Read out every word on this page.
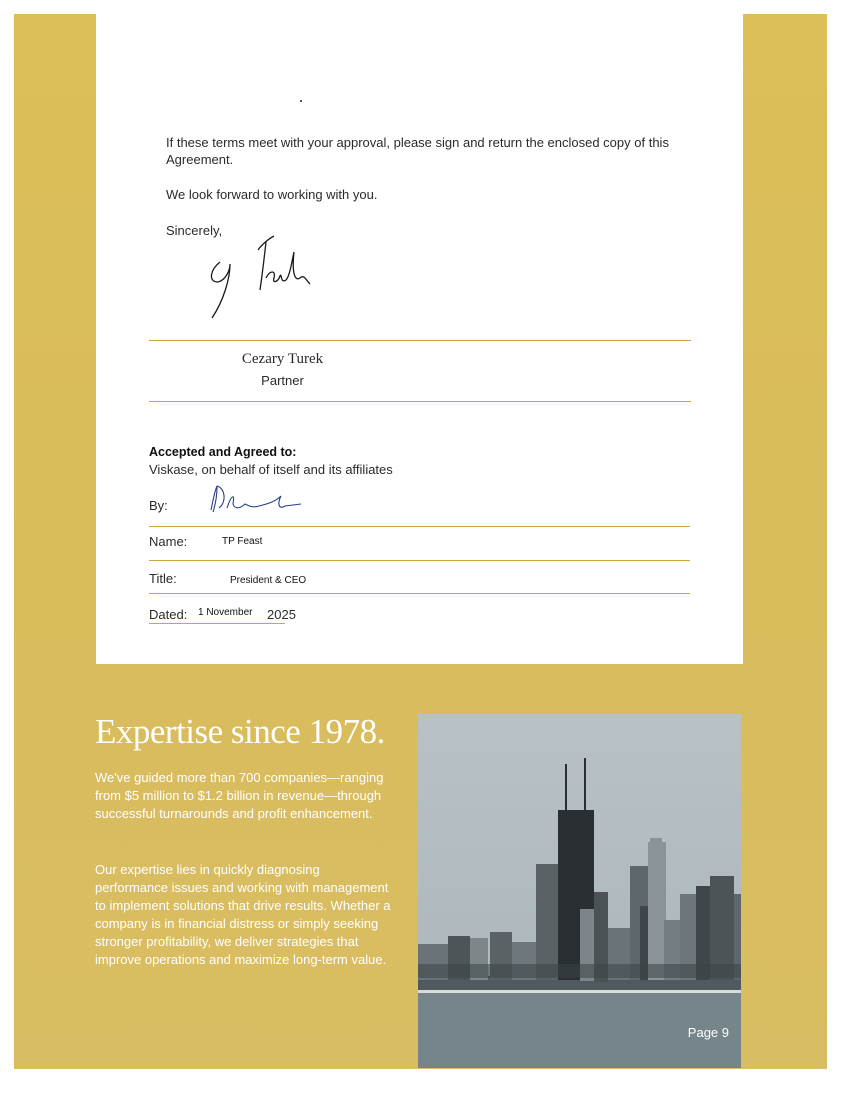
If these terms meet with your approval, please sign and return the enclosed copy of this Agreement.
We look forward to working with you.
Sincerely,
Cezary Turek
Partner
Accepted and Agreed to:
Viskase, on behalf of itself and its affiliates
By:
Name:	TP Feast
Title:	President & CEO
Dated: 1 November 2025
Expertise since 1978.
We've guided more than 700 companies—ranging from $5 million to $1.2 billion in revenue—through successful turnarounds and profit enhancement.
Our expertise lies in quickly diagnosing performance issues and working with management to implement solutions that drive results. Whether a company is in financial distress or simply seeking stronger profitability, we deliver strategies that improve operations and maximize long-term value.
Page 9
